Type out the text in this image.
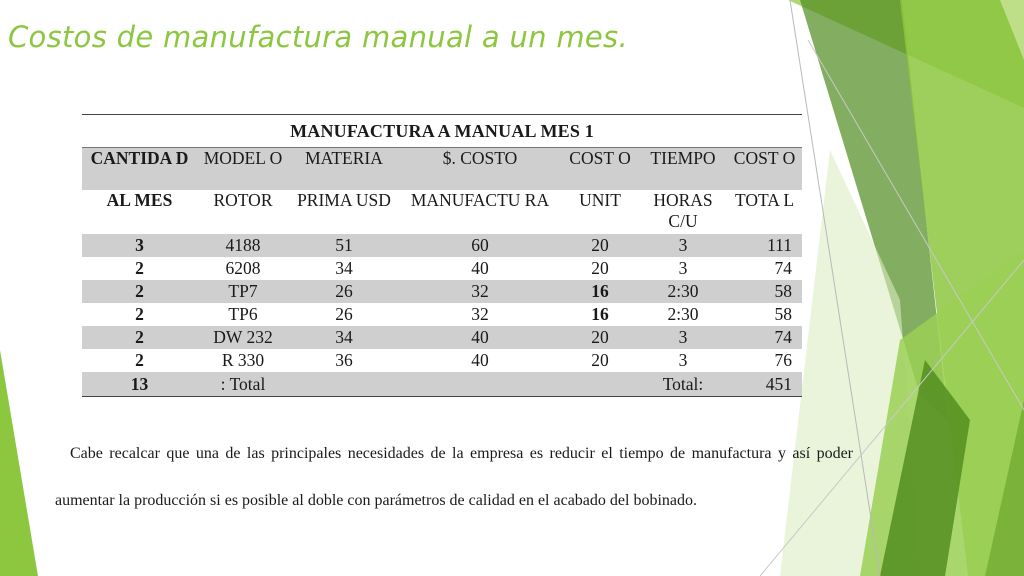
Costos de manufactura manual a un mes.
MANUFACTURA A MANUAL MES 1						
CANTIDA D	MODEL O	MATERIA	$. COSTO	COST O	TIEMPO	COST O
AL MES	ROTOR	PRIMA USD	MANUFACTU RA	UNIT	HORAS C/U	TOTA L
3	4188	51	60	20	3	111
2	6208	34	40	20	3	74
2	TP7	26	32	16	2:30	58
2	TP6	26	32	16	2:30	58
2	DW 232	34	40	20	3	74
2	R 330	36	40	20	3	76
13	: Total				Total:	451

Cabe recalcar que una de las principales necesidades de la empresa es reducir el tiempo de manufactura y así poder aumentar la producción si es posible al doble con parámetros de calidad en el acabado del bobinado.
